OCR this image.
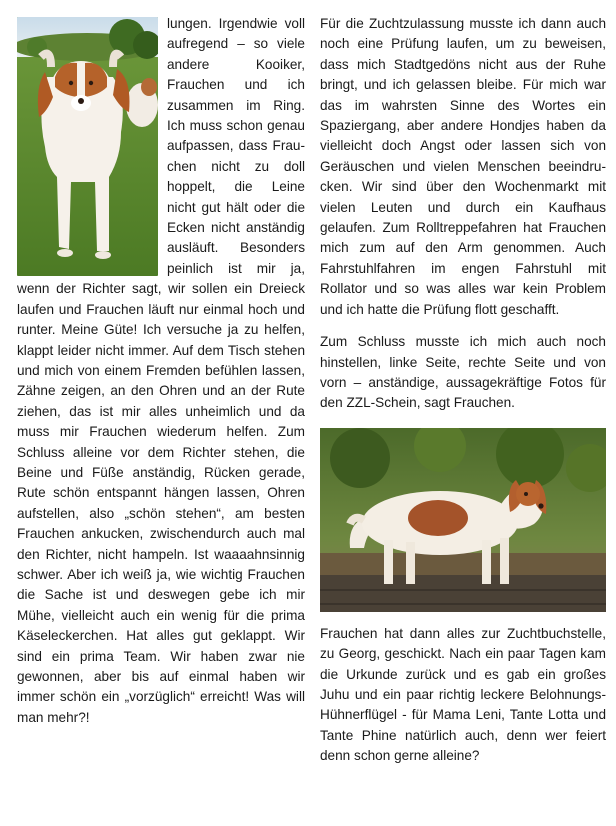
lungen. Irgendwie voll aufregend – so viele andere Kooiker, Frauchen und ich zusammen im Ring. Ich muss schon genau aufpassen, dass Frauchen nicht zu doll hoppelt, die Leine nicht gut hält oder die Ecken nicht anständig ausläuft. Besonders peinlich ist mir ja, wenn der Richter sagt, wir sollen ein Dreieck laufen und Frauchen läuft nur einmal hoch und runter. Meine Güte! Ich versuche ja zu helfen, klappt leider nicht immer. Auf dem Tisch stehen und mich von einem Fremden befühlen lassen, Zähne zeigen, an den Ohren und an der Rute ziehen, das ist mir alles unheimlich und da muss mir Frauchen wiederum helfen. Zum Schluss alleine vor dem Richter stehen, die Beine und Füße anständig, Rücken gerade, Rute schön entspannt hängen lassen, Ohren aufstellen, also „schön stehen“, am besten Frauchen ankucken, zwischendurch auch mal den Richter, nicht hampeln. Ist waaaahnsinnig schwer. Aber ich weiß ja, wie wichtig Frauchen die Sache ist und deswegen gebe ich mir Mühe, vielleicht auch ein wenig für die prima Käseleckerchen. Hat alles gut geklappt. Wir sind ein prima Team. Wir haben zwar nie gewonnen, aber bis auf einmal haben wir immer schön ein „vorzüglich“ erreicht! Was will man mehr?!

Für die Zuchtzulassung musste ich dann auch noch eine Prüfung laufen, um zu beweisen, dass mich Stadtgedöns nicht aus der Ruhe bringt, und ich gelassen bleibe. Für mich war das im wahrsten Sinne des Wortes ein Spaziergang, aber andere Hondjes haben da vielleicht doch Angst oder lassen sich von Geräuschen und vielen Menschen beeindrucken. Wir sind über den Wochenmarkt mit vielen Leuten und durch ein Kaufhaus gelaufen. Zum Rolltreppefahren hat Frauchen mich zum auf den Arm genommen. Auch Fahrstuhlfahren im engen Fahrstuhl mit Rollator und so was alles war kein Problem und ich hatte die Prüfung flott geschafft.

Zum Schluss musste ich mich auch noch hinstellen, linke Seite, rechte Seite und von vorn – anständige, aussagekräftige Fotos für den ZZL-Schein, sagt Frauchen.

Frauchen hat dann alles zur Zuchtbuchstelle, zu Georg, geschickt. Nach ein paar Tagen kam die Urkunde zurück und es gab ein großes Juhu und ein paar richtig leckere Belohnungs-Hühnerflügel - für Mama Leni, Tante Lotta und Tante Phine natürlich auch, denn wer feiert denn schon gerne alleine?
